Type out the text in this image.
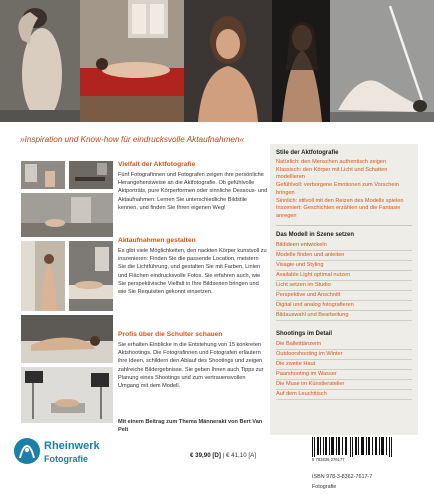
»Inspiration und Know-how für eindrucksvolle Aktaufnahmen«
Vielfalt der Aktfotografie
Fünf Fotografinnen und Fotografen zeigen ihre persönliche Herangehensweise an die Aktfotografie. Ob gefühlvolle Aktporträts, pure Körperformen oder sinnliche Dessous- und Aktaufnahmen: Lernen Sie unterschiedliche Bildstile kennen, und finden Sie Ihren eigenen Weg!
Aktaufnahmen gestalten
Es gibt viele Möglichkeiten, den nackten Körper kunstvoll zu inszenieren: Finden Sie die passende Location, meistern Sie die Lichtführung, und gestalten Sie mit Farben, Linien und Flächen eindrucksvolle Fotos. Sie erfahren auch, wie Sie perspektivische Vielfalt in Ihre Bildserien bringen und wie Sie Requisiten gekonnt einsetzen.
Profis über die Schulter schauen
Sie erhalten Einblicke in die Entstehung von 15 konkreten Aktshootings. Die Fotografinnen und Fotografen erläutern ihre Ideen, schildern den Ablauf des Shootings und zeigen zahlreiche Bildergebnisse. Sie geben Ihnen auch Tipps zur Planung eines Shootings und zum vertrauensvollen Umgang mit dem Modell.
Mit einem Beitrag zum Thema Männerakt von Bert Van Pelt
Stile der Aktfotografie
Natürlich: den Menschen authentisch zeigen
Klassisch: den Körper mit Licht und Schatten modellieren
Gefühlvoll: verborgene Emotionen zum Vorschein bringen
Sinnlich: stilvoll mit den Reizen des Modells spielen
Inszeniert: Geschichten erzählen und die Fantasie anregen
Das Modell in Szene setzen
Bildideen entwickeln
Modelle finden und anleiten
Visagie und Styling
Available Light optimal nutzen
Licht setzen im Studio
Perspektive und Anschnitt
Digital und analog fotografieren
Bildauswahl und Bearbeitung
Shootings im Detail
Die Balletttänzerin
Outdoorshooting im Winter
Die zweite Haut
Paarshooting im Wasser
Die Muse im Künstleratelier
Auf dem Leuchttisch
Rheinwerk
Fotografie	€ 39,90 [D] | € 41,10 [A]
9 783836 276177
ISBN 978-3-8362-7617-7
Fotografie
